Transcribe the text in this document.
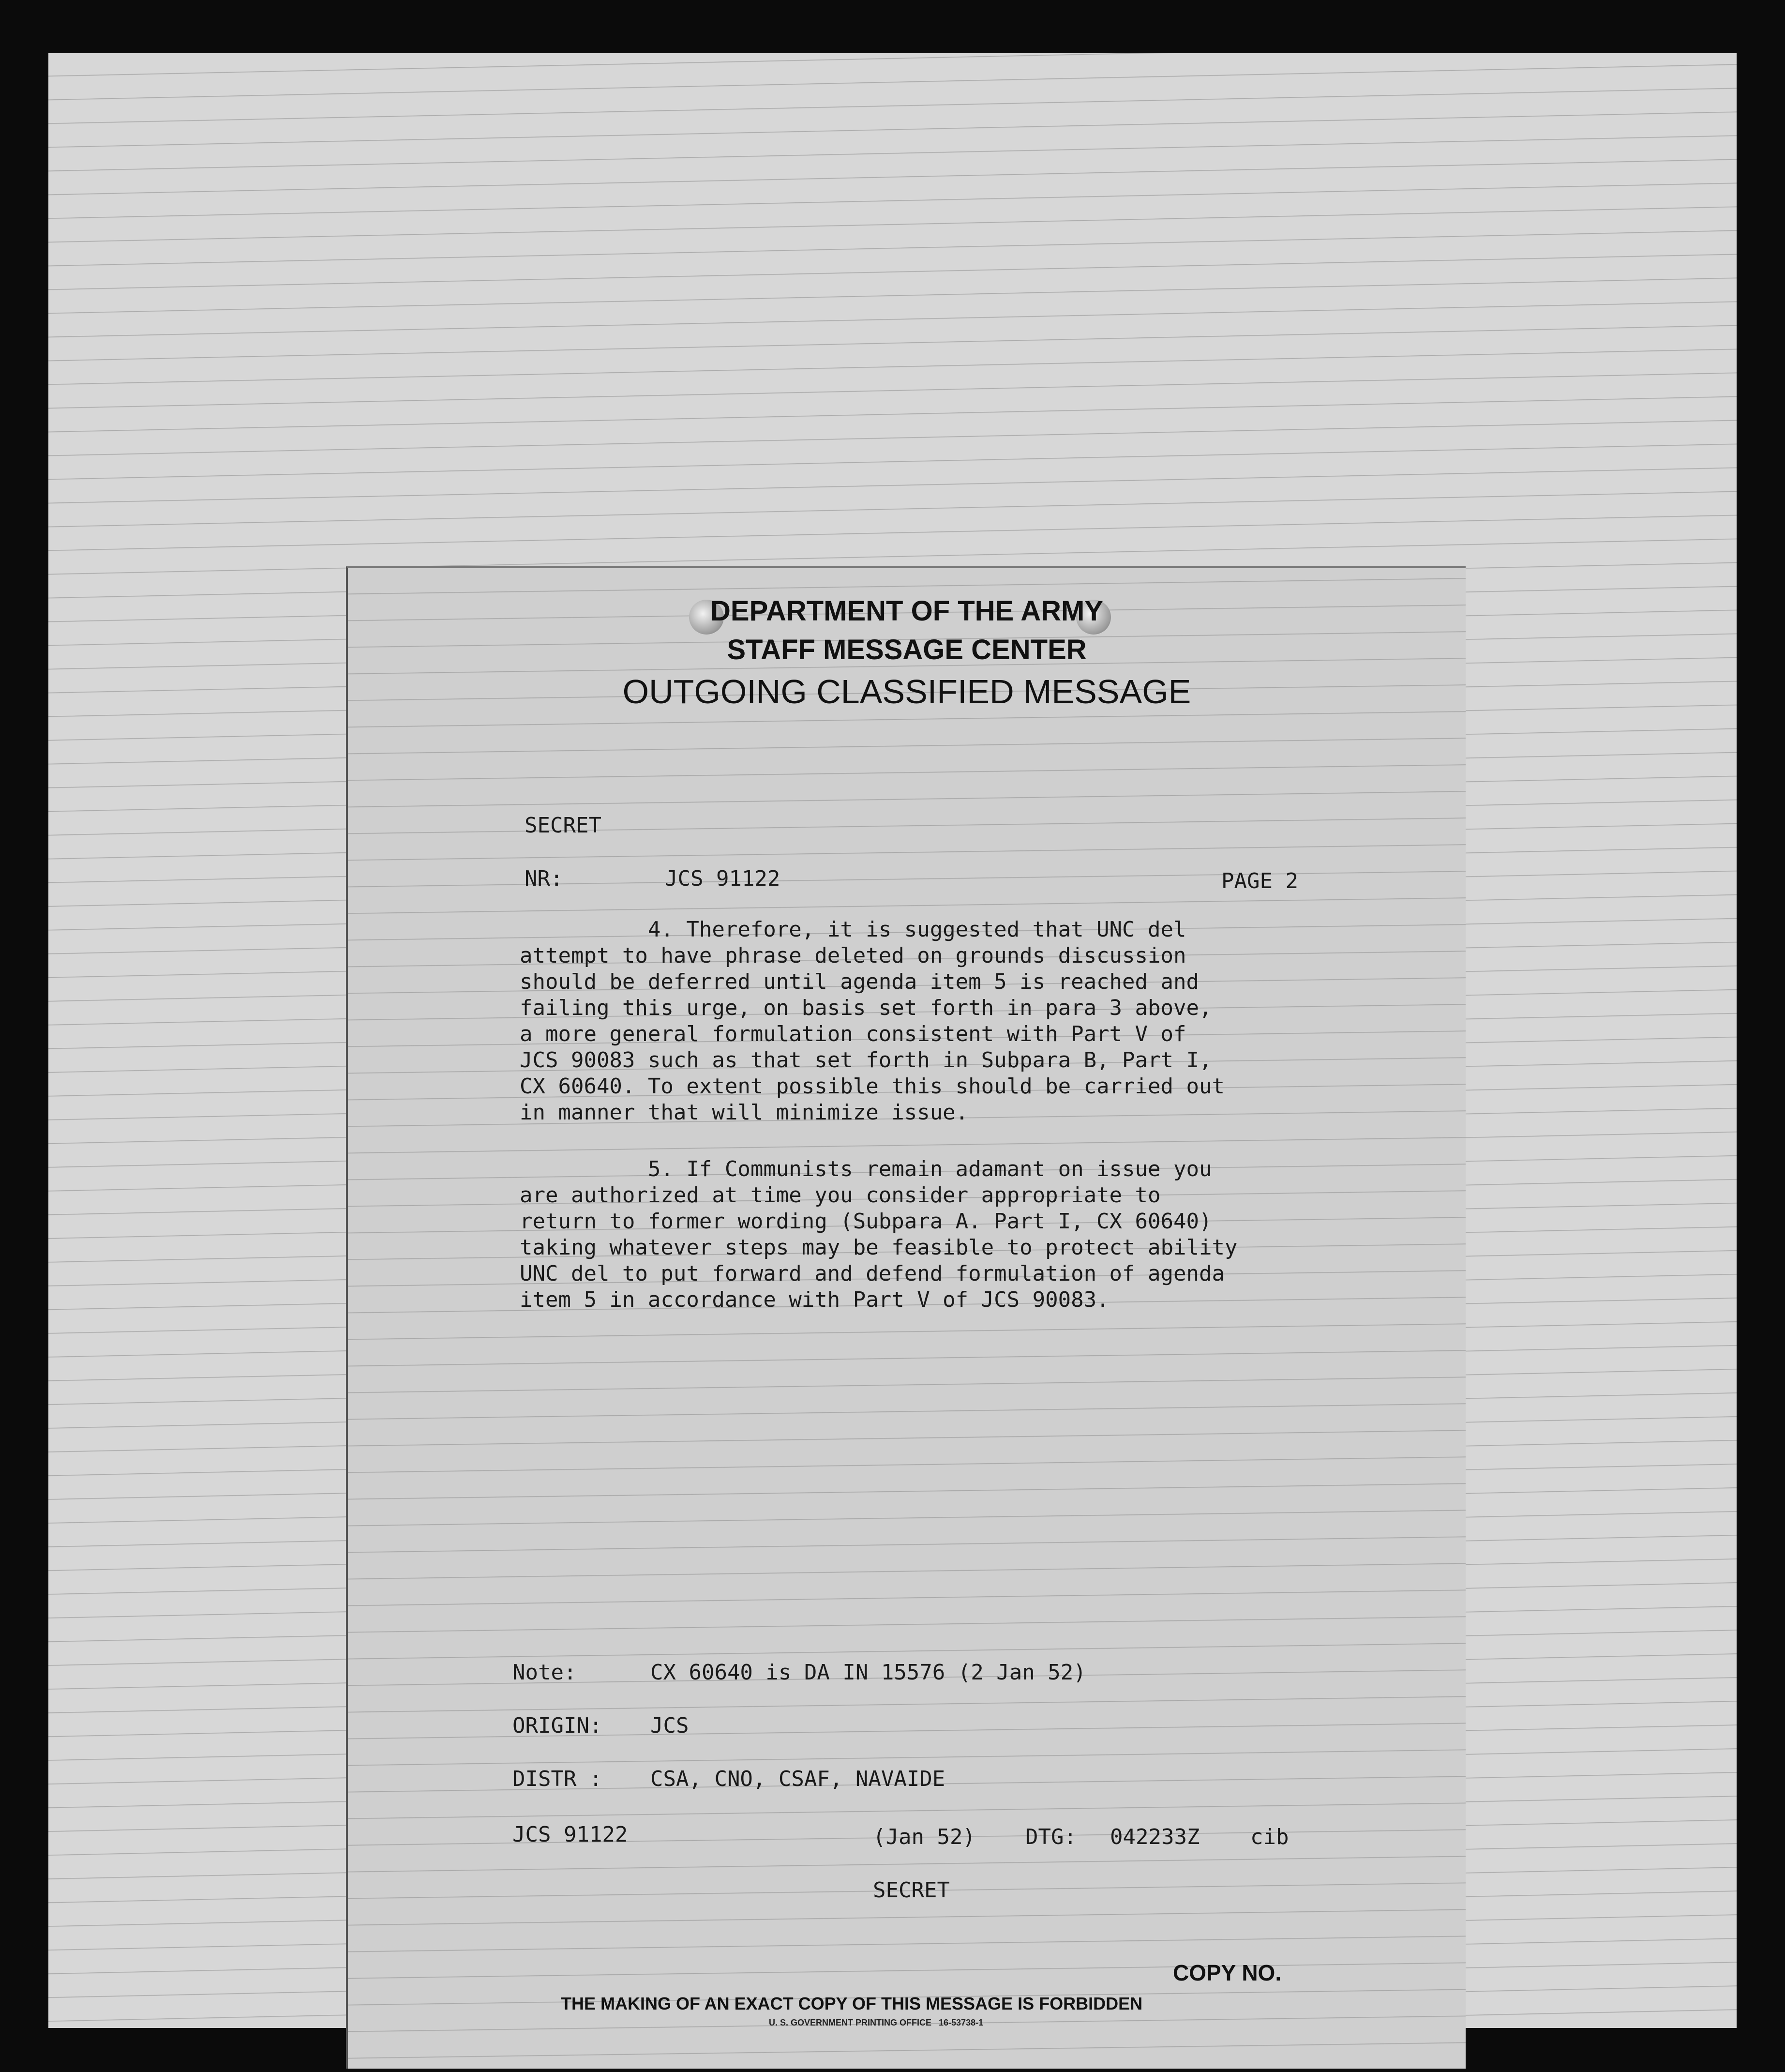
DEPARTMENT OF THE ARMY
STAFF MESSAGE CENTER
OUTGOING CLASSIFIED MESSAGE
SECRET
NR:	JCS 91122	PAGE 2
4. Therefore, it is suggested that UNC del
attempt to have phrase deleted on grounds discussion
should be deferred until agenda item 5 is reached and
failing this urge, on basis set forth in para 3 above,
a more general formulation consistent with Part V of
JCS 90083 such as that set forth in Subpara B, Part I,
CX 60640. To extent possible this should be carried out
in manner that will minimize issue.
5. If Communists remain adamant on issue you
are authorized at time you consider appropriate to
return to former wording (Subpara A. Part I, CX 60640)
taking whatever steps may be feasible to protect ability
UNC del to put forward and defend formulation of agenda
item 5 in accordance with Part V of JCS 90083.
Note:	CX 60640 is DA IN 15576 (2 Jan 52)
ORIGIN: JCS
DISTR : CSA, CNO, CSAF, NAVAIDE
JCS 91122	(Jan 52) DTG: 042233Z cib
SECRET
COPY NO.
THE MAKING OF AN EXACT COPY OF THIS MESSAGE IS FORBIDDEN
U. S. GOVERNMENT PRINTING OFFICE   16-53738-1
